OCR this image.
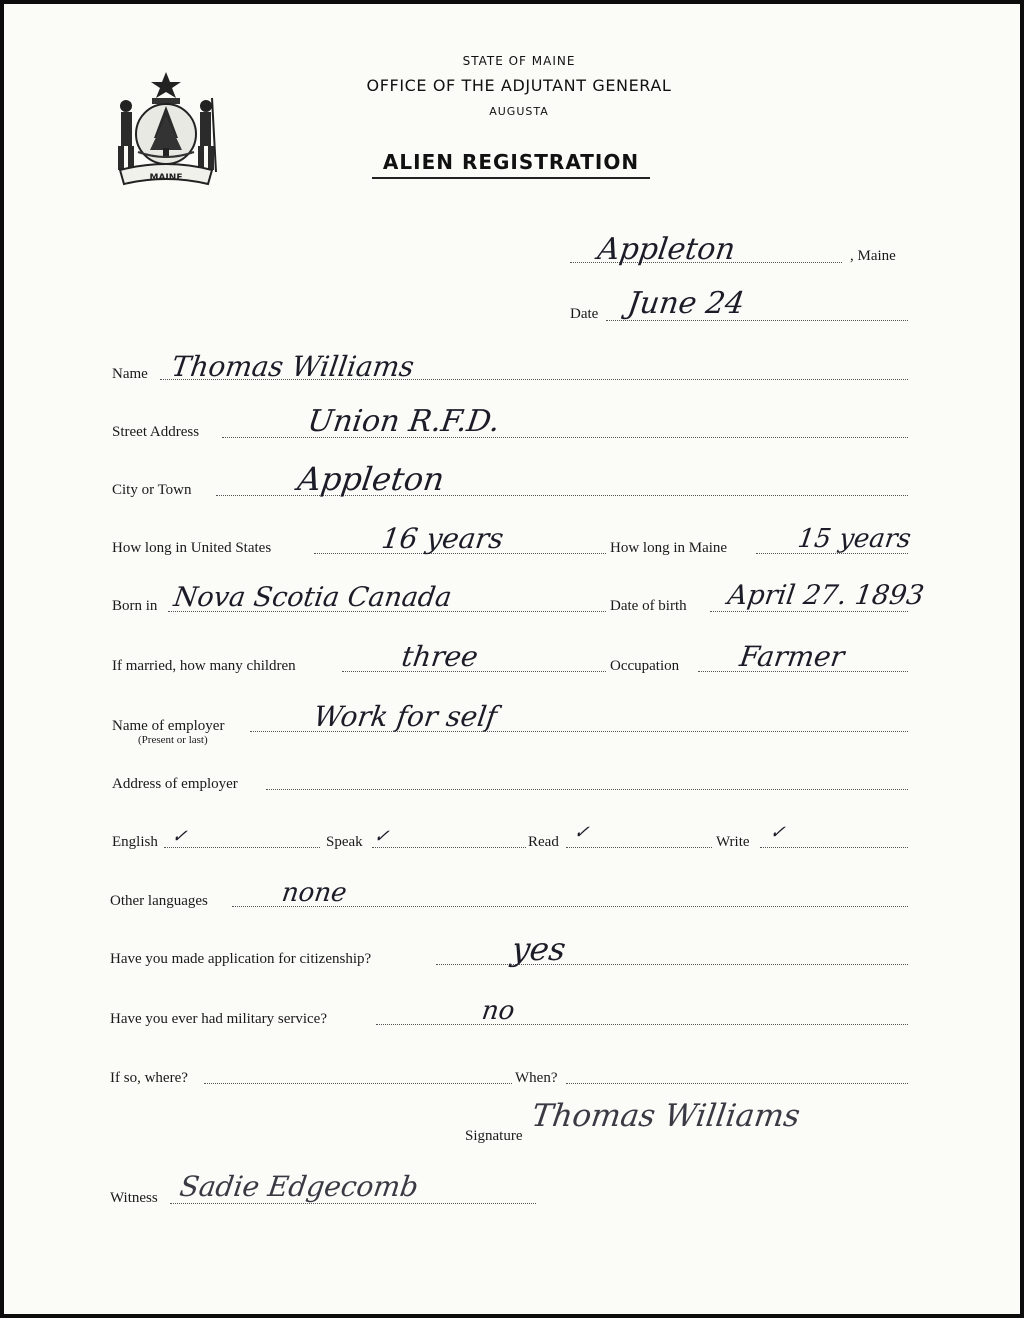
STATE OF MAINE
OFFICE OF THE ADJUTANT GENERAL
AUGUSTA
ALIEN REGISTRATION
MAINE
Appleton	, Maine
Date June 24
Name Thomas Williams
Street Address	Union R.F.D.
City or Town	Appleton
How long in United States	16 years	How long in Maine	15 years
Born in Nova Scotia Canada	Date of birth April 27. 1893
If married, how many children	three	Occupation Farmer
Name of employer
(Present or last)
Work for self
Address of employer
English ✓	Speak ✓	Read ✓	Write ✓
Other languages	none
Have you made application for citizenship?	yes
Have you ever had military service?	no
If so, where?	When?
Signature
Thomas Williams
Witness Sadie Edgecomb
